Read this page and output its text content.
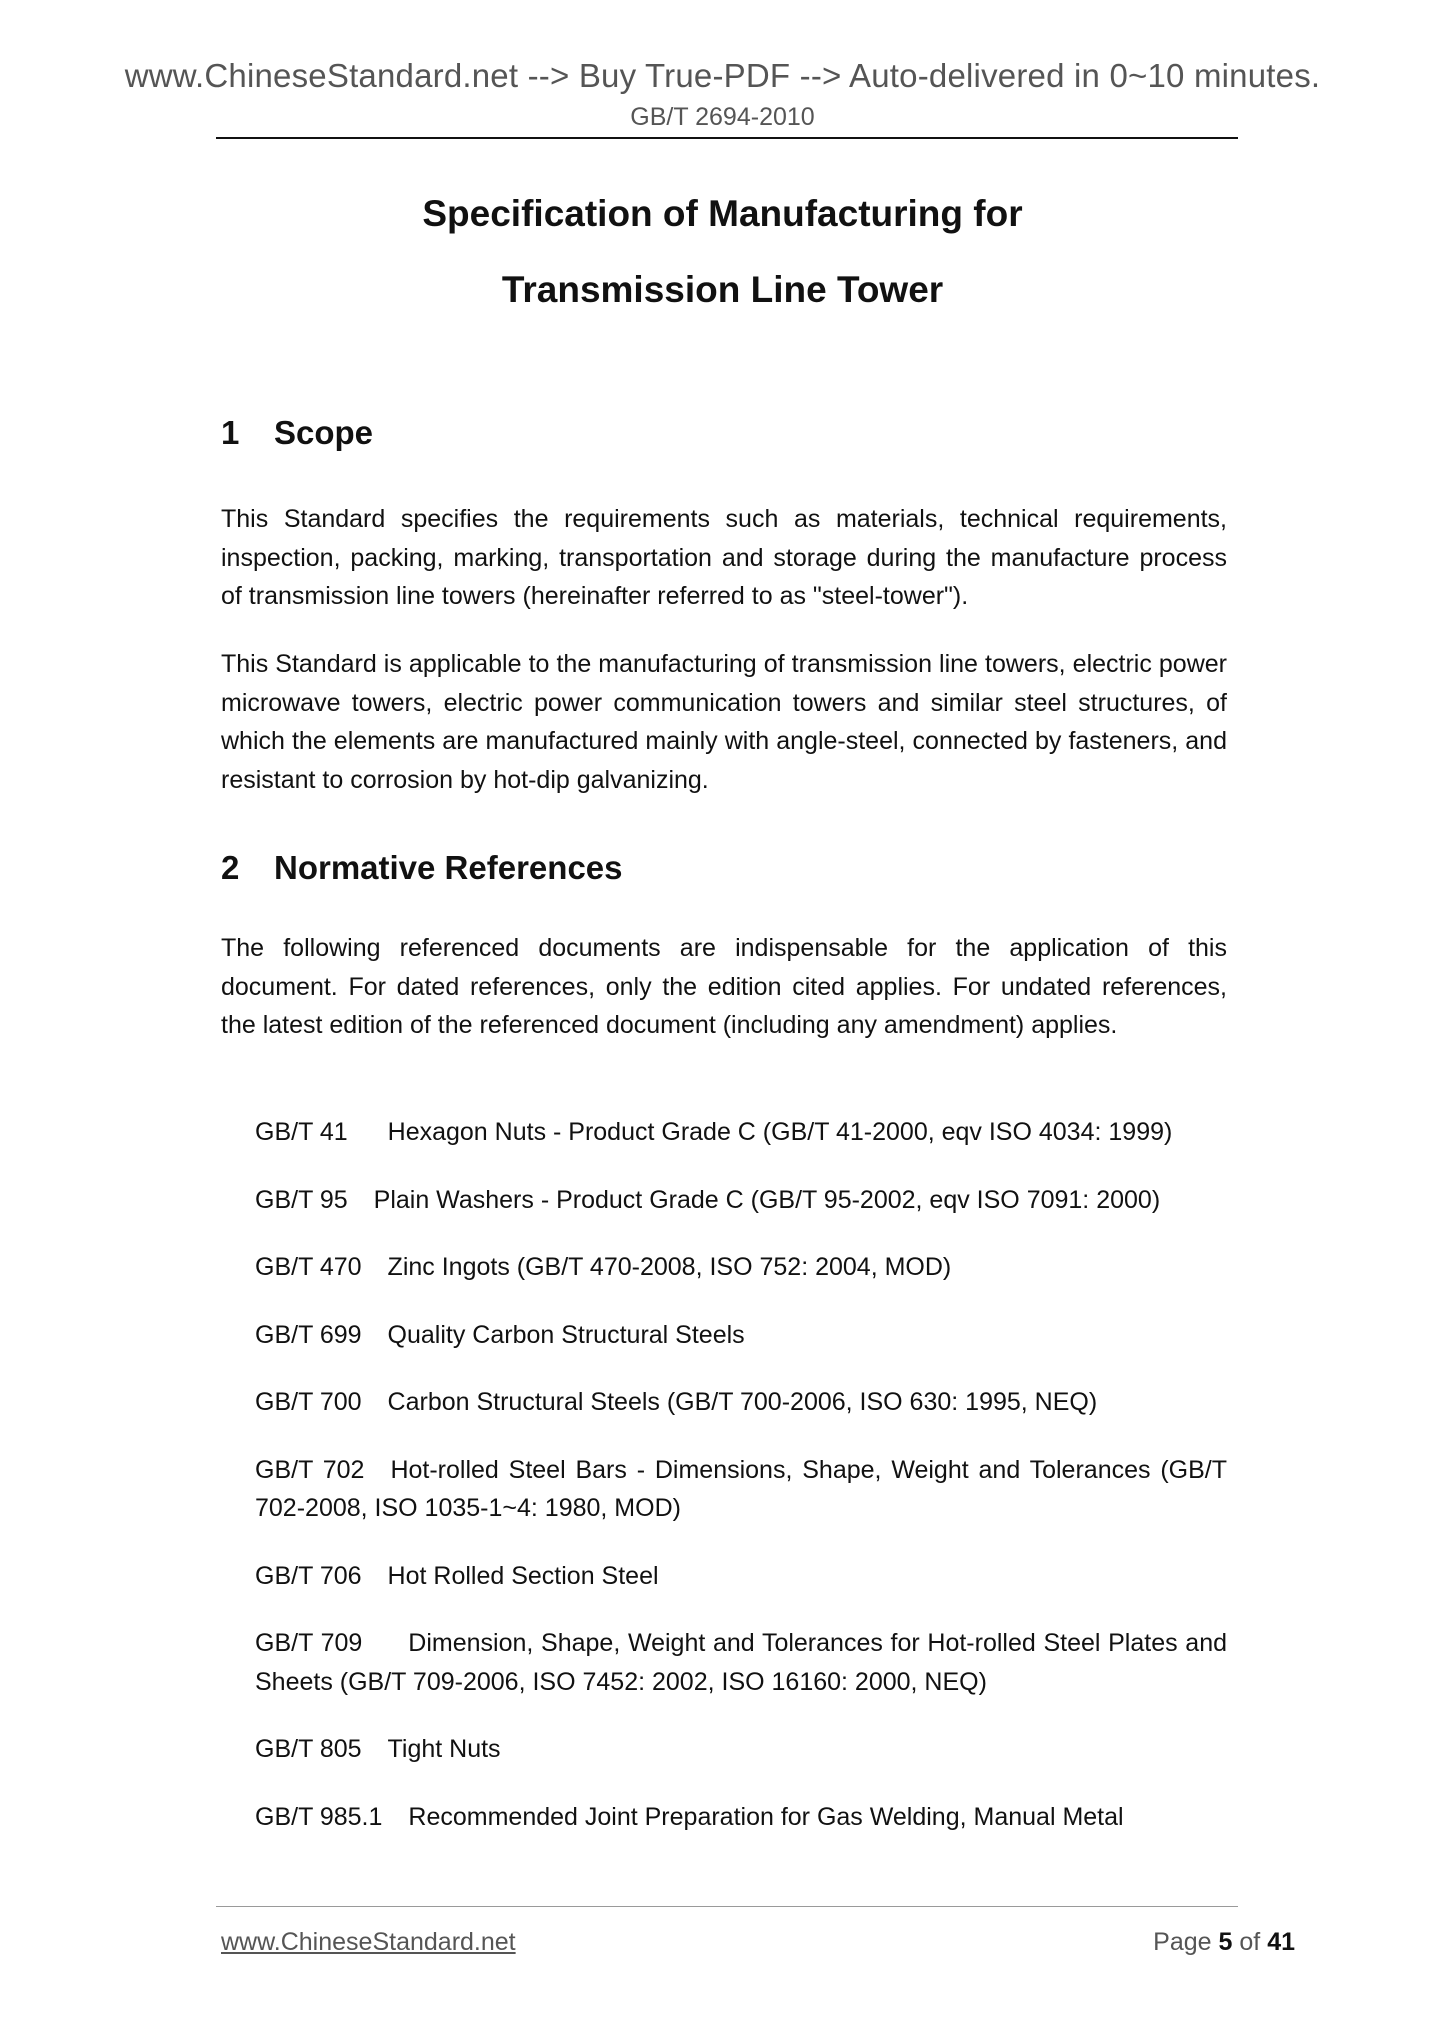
www.ChineseStandard.net --> Buy True-PDF --> Auto-delivered in 0~10 minutes.
GB/T 2694-2010
Specification of Manufacturing for
Transmission Line Tower
1 Scope
This Standard specifies the requirements such as materials, technical requirements, inspection, packing, marking, transportation and storage during the manufacture process of transmission line towers (hereinafter referred to as "steel-tower").
This Standard is applicable to the manufacturing of transmission line towers, electric power microwave towers, electric power communication towers and similar steel structures, of which the elements are manufactured mainly with angle-steel, connected by fasteners, and resistant to corrosion by hot-dip galvanizing.
2 Normative References
The following referenced documents are indispensable for the application of this document. For dated references, only the edition cited applies. For undated references, the latest edition of the referenced document (including any amendment) applies.
GB/T 41 Hexagon Nuts - Product Grade C (GB/T 41-2000, eqv ISO 4034: 1999)
GB/T 95 Plain Washers - Product Grade C (GB/T 95-2002, eqv ISO 7091: 2000)
GB/T 470 Zinc Ingots (GB/T 470-2008, ISO 752: 2004, MOD)
GB/T 699 Quality Carbon Structural Steels
GB/T 700 Carbon Structural Steels (GB/T 700-2006, ISO 630: 1995, NEQ)
GB/T 702 Hot-rolled Steel Bars - Dimensions, Shape, Weight and Tolerances (GB/T 702-2008, ISO 1035-1~4: 1980, MOD)
GB/T 706 Hot Rolled Section Steel
GB/T 709 Dimension, Shape, Weight and Tolerances for Hot-rolled Steel Plates and Sheets (GB/T 709-2006, ISO 7452: 2002, ISO 16160: 2000, NEQ)
GB/T 805 Tight Nuts
GB/T 985.1 Recommended Joint Preparation for Gas Welding, Manual Metal
www.ChineseStandard.net	Page 5 of 41
